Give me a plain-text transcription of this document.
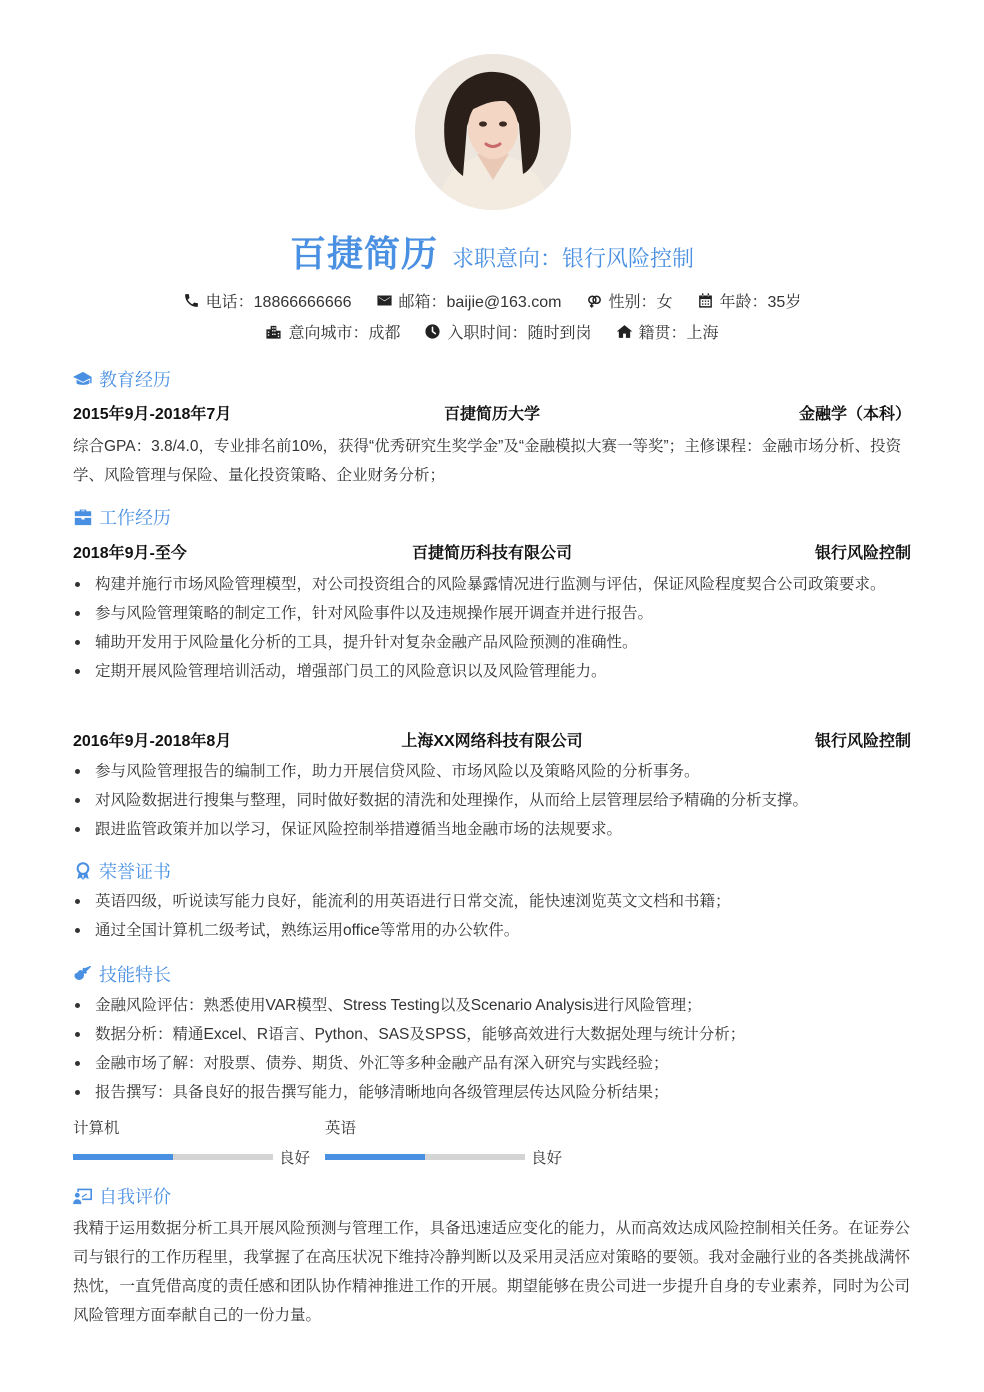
百捷简历 求职意向：银行风险控制
电话：18866666666	邮箱：baijie@163.com	性别：女	年龄：35岁
意向城市：成都	入职时间：随时到岗	籍贯：上海
教育经历
2015年9月-2018年7月	百捷简历大学	金融学（本科）
综合GPA：3.8/4.0，专业排名前10%，获得“优秀研究生奖学金”及“金融模拟大赛一等奖”；主修课程：金融市场分析、投资学、风险管理与保险、量化投资策略、企业财务分析；
工作经历
2018年9月-至今	百捷简历科技有限公司	银行风险控制
构建并施行市场风险管理模型，对公司投资组合的风险暴露情况进行监测与评估，保证风险程度契合公司政策要求。
参与风险管理策略的制定工作，针对风险事件以及违规操作展开调查并进行报告。
辅助开发用于风险量化分析的工具，提升针对复杂金融产品风险预测的准确性。
定期开展风险管理培训活动，增强部门员工的风险意识以及风险管理能力。
2016年9月-2018年8月	上海XX网络科技有限公司	银行风险控制
参与风险管理报告的编制工作，助力开展信贷风险、市场风险以及策略风险的分析事务。
对风险数据进行搜集与整理，同时做好数据的清洗和处理操作，从而给上层管理层给予精确的分析支撑。
跟进监管政策并加以学习，保证风险控制举措遵循当地金融市场的法规要求。
荣誉证书
英语四级，听说读写能力良好，能流利的用英语进行日常交流，能快速浏览英文文档和书籍；
通过全国计算机二级考试，熟练运用office等常用的办公软件。
技能特长
金融风险评估：熟悉使用VAR模型、Stress Testing以及Scenario Analysis进行风险管理；
数据分析：精通Excel、R语言、Python、SAS及SPSS，能够高效进行大数据处理与统计分析；
金融市场了解：对股票、债券、期货、外汇等多种金融产品有深入研究与实践经验；
报告撰写：具备良好的报告撰写能力，能够清晰地向各级管理层传达风险分析结果；
计算机
良好
英语
良好
自我评价
我精于运用数据分析工具开展风险预测与管理工作，具备迅速适应变化的能力，从而高效达成风险控制相关任务。在证券公司与银行的工作历程里，我掌握了在高压状况下维持冷静判断以及采用灵活应对策略的要领。我对金融行业的各类挑战满怀热忱，一直凭借高度的责任感和团队协作精神推进工作的开展。期望能够在贵公司进一步提升自身的专业素养，同时为公司风险管理方面奉献自己的一份力量。
